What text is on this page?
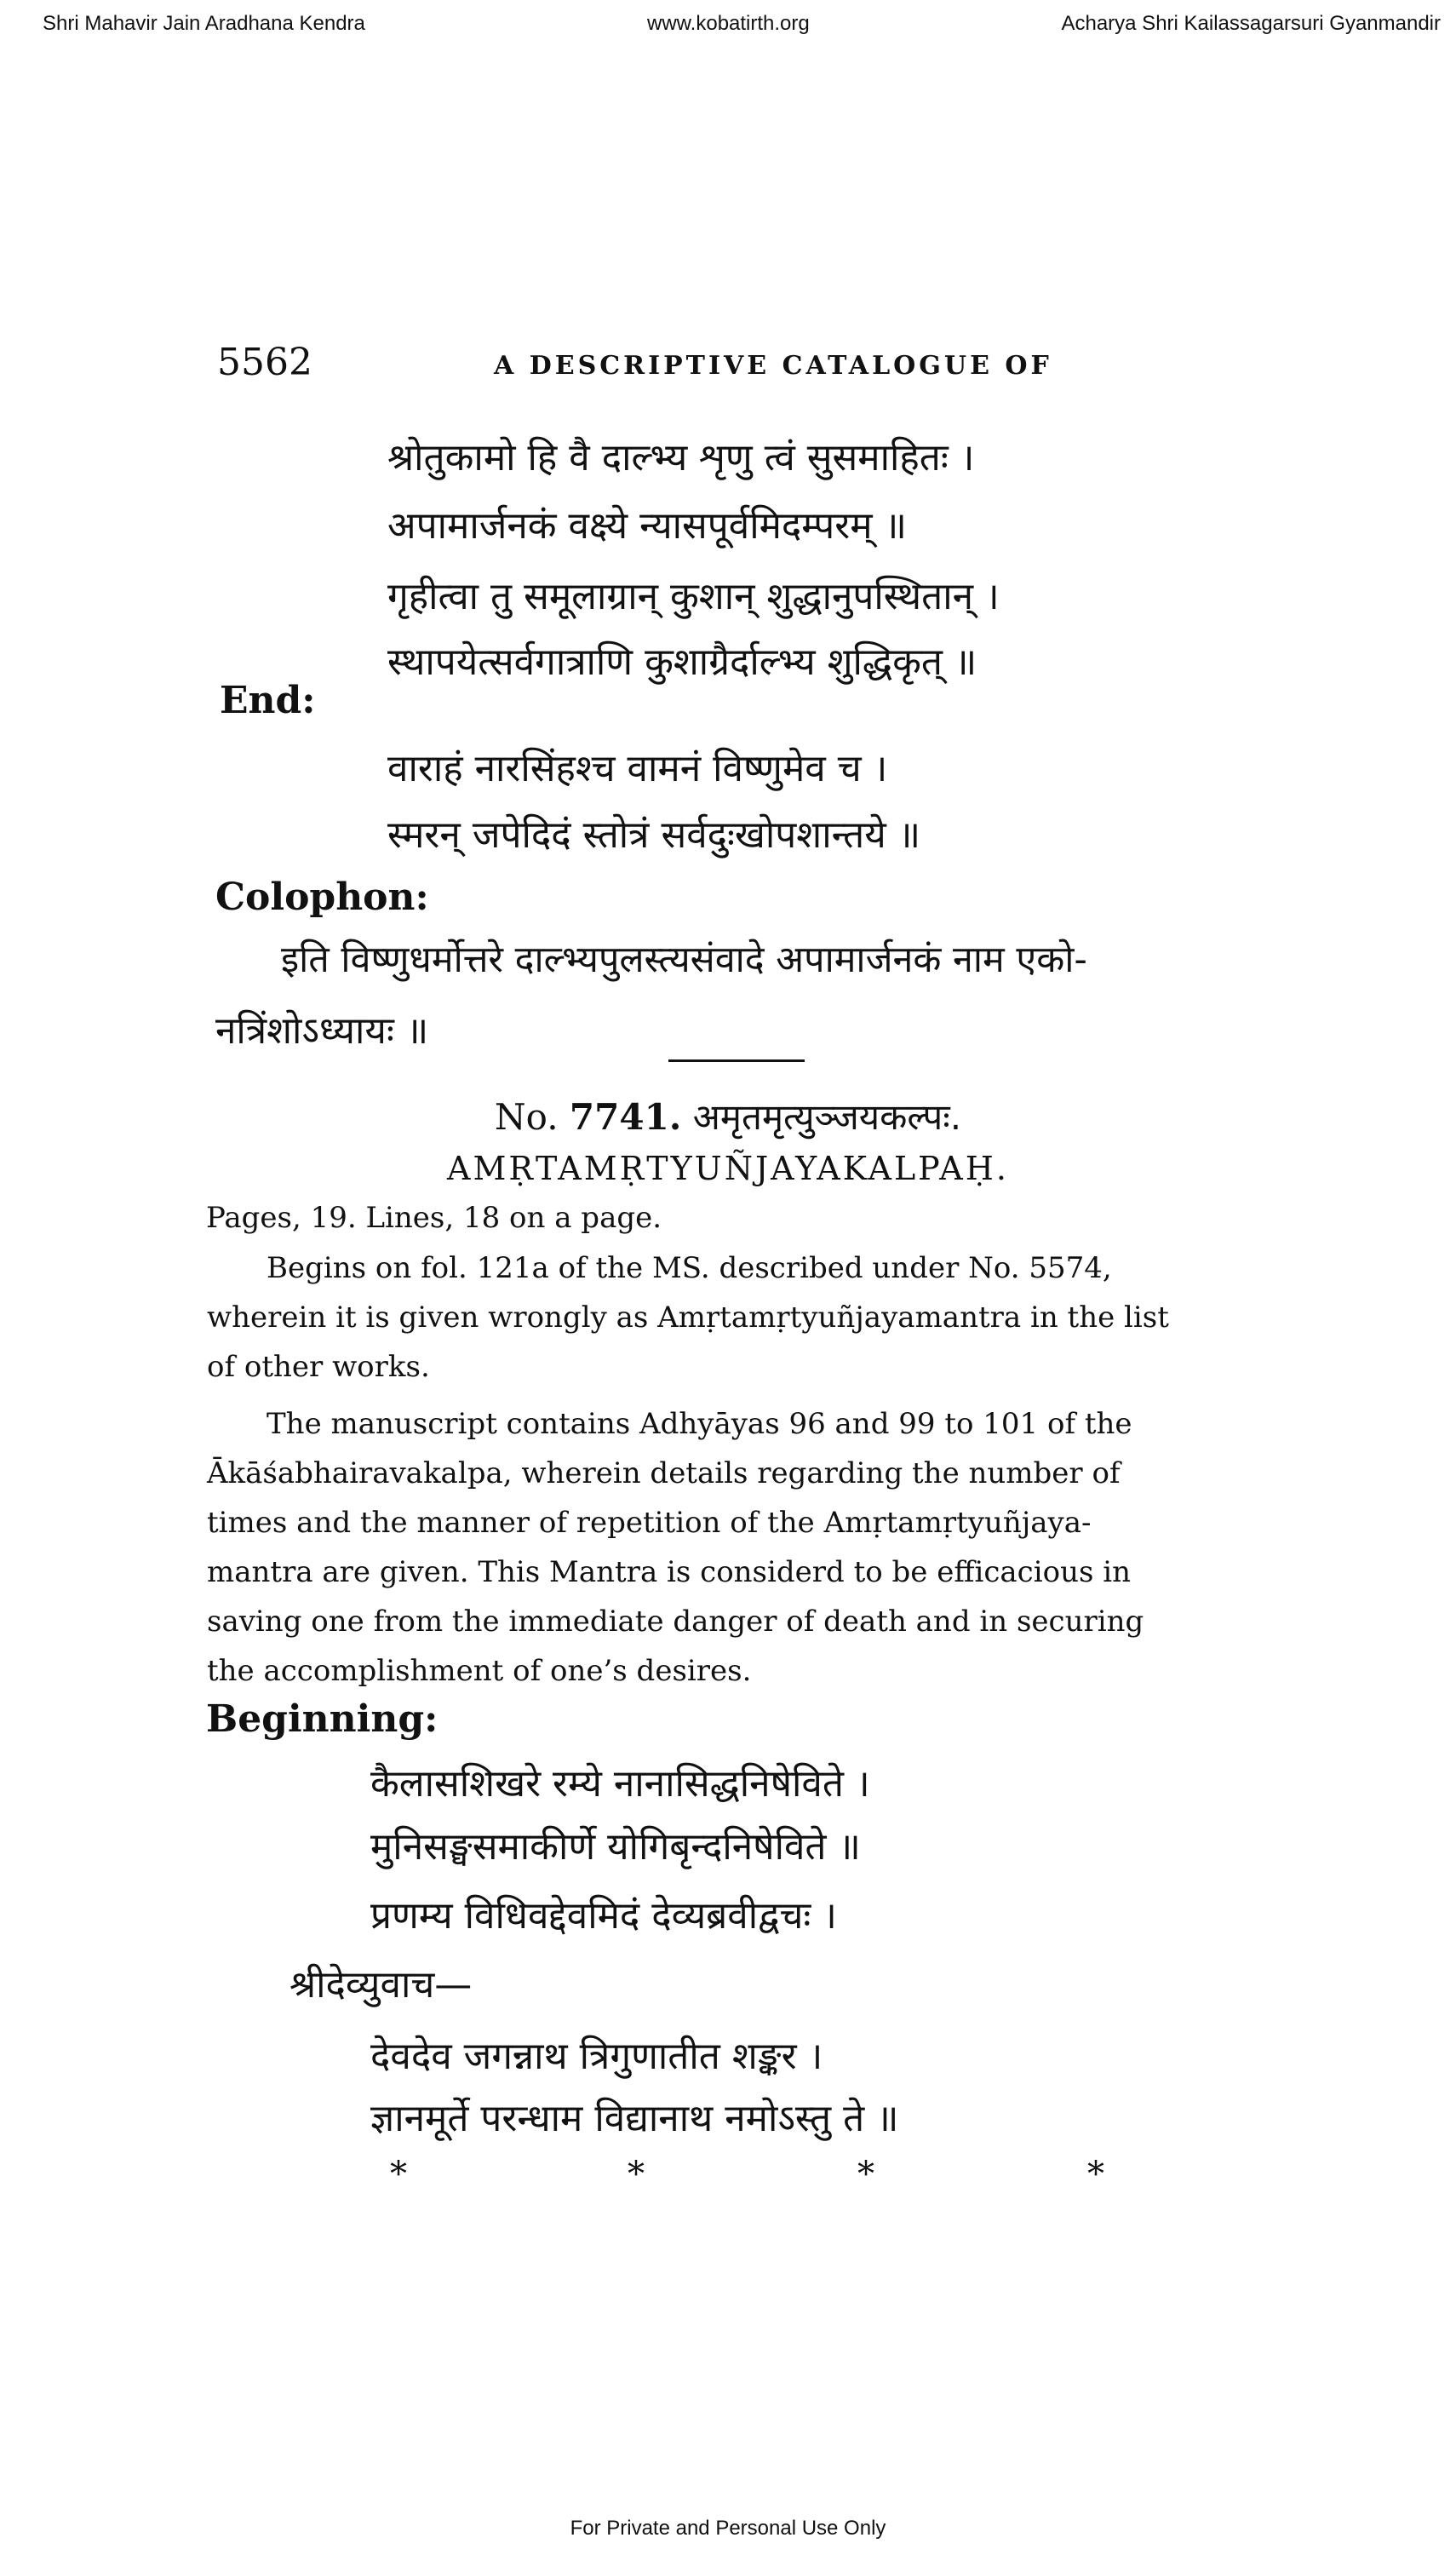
Shri Mahavir Jain Aradhana Kendra	www.kobatirth.org	Acharya Shri Kailassagarsuri Gyanmandir
5562	A DESCRIPTIVE CATALOGUE OF
श्रोतुकामो हि वै दाल्भ्य शृणु त्वं सुसमाहितः ।
अपामार्जनकं वक्ष्ये न्यासपूर्वमिदम्परम् ॥
गृहीत्वा तु समूलाग्रान् कुशान् शुद्धानुपस्थितान् ।
स्थापयेत्सर्वगात्राणि कुशाग्रैर्दाल्भ्य शुद्धिकृत् ॥
End:
वाराहं नारसिंहश्च वामनं विष्णुमेव च ।
स्मरन् जपेदिदं स्तोत्रं सर्वदुःखोपशान्तये ॥
Colophon:
इति विष्णुधर्मोत्तरे दाल्भ्यपुलस्त्यसंवादे अपामार्जनकं नाम एको-
नत्रिंशोऽध्यायः ॥
No. 7741. अमृतमृत्युञ्जयकल्पः.
AMṚTAMṚTYUÑJAYAKALPAḤ.
Pages, 19. Lines, 18 on a page.
Begins on fol. 121a of the MS. described under No. 5574,
wherein it is given wrongly as Amṛtamṛtyuñjayamantra in the list
of other works.
The manuscript contains Adhyāyas 96 and 99 to 101 of the
Ākāśabhairavakalpa, wherein details regarding the number of
times and the manner of repetition of the Amṛtamṛtyuñjaya-
mantra are given. This Mantra is considerd to be efficacious in
saving one from the immediate danger of death and in securing
the accomplishment of one’s desires.
Beginning:
कैलासशिखरे रम्ये नानासिद्धनिषेविते ।
मुनिसङ्घसमाकीर्णे योगिबृन्दनिषेविते ॥
प्रणम्य विधिवद्देवमिदं देव्यब्रवीद्वचः ।
श्रीदेव्युवाच—
देवदेव जगन्नाथ त्रिगुणातीत शङ्कर ।
ज्ञानमूर्ते परन्धाम विद्यानाथ नमोऽस्तु ते ॥
*	*	*	*
For Private and Personal Use Only
